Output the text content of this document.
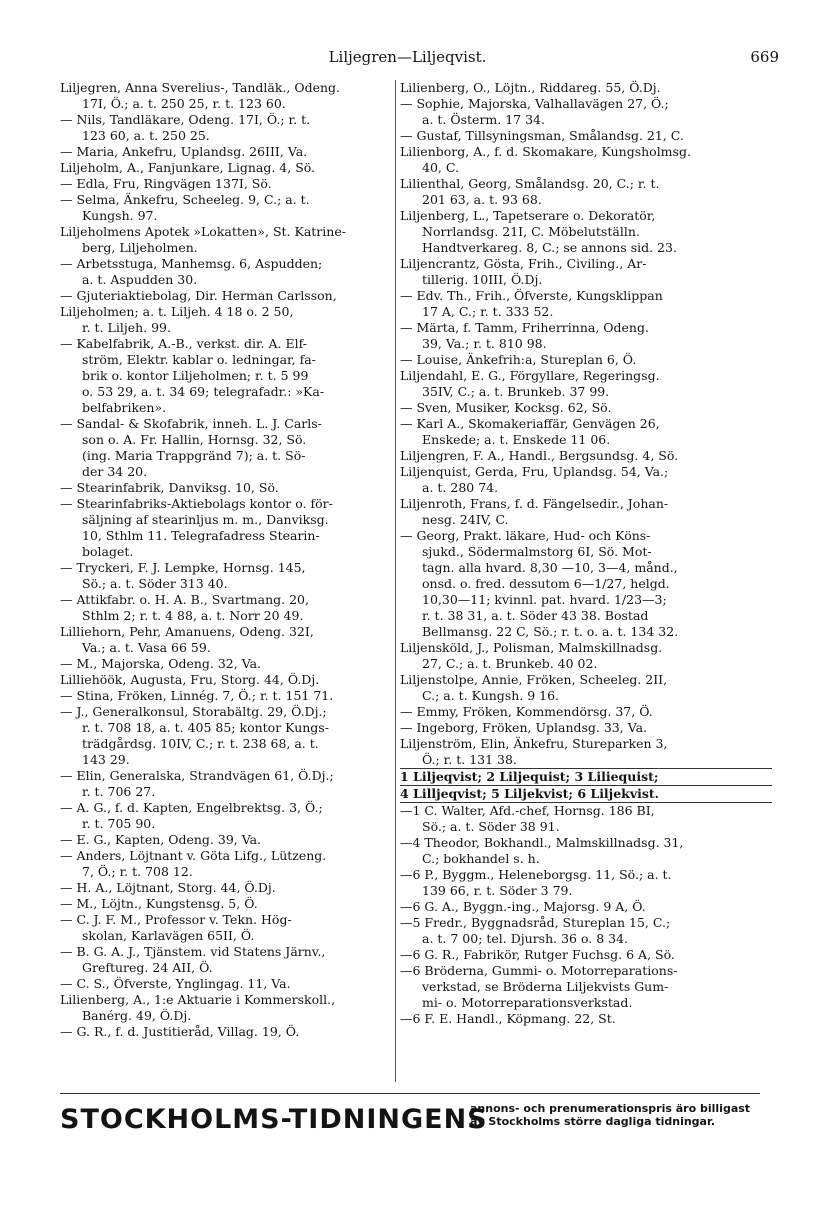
Liljegren—Liljeqvist.	669
Liljegren, Anna Sverelius-, Tandläk., Odeng.
17I, Ö.; a. t. 250 25, r. t. 123 60.
— Nils, Tandläkare, Odeng. 17I, Ö.; r. t.
123 60, a. t. 250 25.
— Maria, Ankefru, Uplandsg. 26III, Va.
Liljeholm, A., Fanjunkare, Lignag. 4, Sö.
— Edla, Fru, Ringvägen 137I, Sö.
— Selma, Änkefru, Scheeleg. 9, C.; a. t.
Kungsh. 97.
Liljeholmens Apotek »Lokatten», St. Katrine-
berg, Liljeholmen.
— Arbetsstuga, Manhemsg. 6, Aspudden;
a. t. Aspudden 30.
— Gjuteriaktiebolag, Dir. Herman Carlsson,
Liljeholmen; a. t. Liljeh. 4 18 o. 2 50,
r. t. Liljeh. 99.
— Kabelfabrik, A.-B., verkst. dir. A. Elf-
ström, Elektr. kablar o. ledningar, fa-
brik o. kontor Liljeholmen; r. t. 5 99
o. 53 29, a. t. 34 69; telegrafadr.: »Ka-
belfabriken».
— Sandal- & Skofabrik, inneh. L. J. Carls-
son o. A. Fr. Hallin, Hornsg. 32, Sö.
(ing. Maria Trappgränd 7); a. t. Sö-
der 34 20.
— Stearinfabrik, Danviksg. 10, Sö.
— Stearinfabriks-Aktiebolags kontor o. för-
säljning af stearinljus m. m., Danviksg.
10, Sthlm 11. Telegrafadress Stearin-
bolaget.
— Tryckeri, F. J. Lempke, Hornsg. 145,
Sö.; a. t. Söder 313 40.
— Attikfabr. o. H. A. B., Svartmang. 20,
Sthlm 2; r. t. 4 88, a. t. Norr 20 49.
Lilliehorn, Pehr, Amanuens, Odeng. 32I,
Va.; a. t. Vasa 66 59.
— M., Majorska, Odeng. 32, Va.
Lilliehöök, Augusta, Fru, Storg. 44, Ö.Dj.
— Stina, Fröken, Linnég. 7, Ö.; r. t. 151 71.
— J., Generalkonsul, Storabältg. 29, Ö.Dj.;
r. t. 708 18, a. t. 405 85; kontor Kungs-
trädgårdsg. 10IV, C.; r. t. 238 68, a. t.
143 29.
— Elin, Generalska, Strandvägen 61, Ö.Dj.;
r. t. 706 27.
— A. G., f. d. Kapten, Engelbrektsg. 3, Ö.;
r. t. 705 90.
— E. G., Kapten, Odeng. 39, Va.
— Anders, Löjtnant v. Göta Lifg., Lützeng.
7, Ö.; r. t. 708 12.
— H. A., Löjtnant, Storg. 44, Ö.Dj.
— M., Löjtn., Kungstensg. 5, Ö.
— C. J. F. M., Professor v. Tekn. Hög-
skolan, Karlavägen 65II, Ö.
— B. G. A. J., Tjänstem. vid Statens Järnv.,
Greftureg. 24 AII, Ö.
— C. S., Öfverste, Ynglingag. 11, Va.
Lilienberg, A., 1:e Aktuarie i Kommerskoll.,
Banérg. 49, Ö.Dj.
— G. R., f. d. Justitieråd, Villag. 19, Ö.
Lilienberg, O., Löjtn., Riddareg. 55, Ö.Dj.
— Sophie, Majorska, Valhallavägen 27, Ö.;
a. t. Österm. 17 34.
— Gustaf, Tillsyningsman, Smålandsg. 21, C.
Lilienborg, A., f. d. Skomakare, Kungsholmsg.
40, C.
Lilienthal, Georg, Smålandsg. 20, C.; r. t.
201 63, a. t. 93 68.
Liljenberg, L., Tapetserare o. Dekoratör,
Norrlandsg. 21I, C. Möbelutställn.
Handtverkareg. 8, C.; se annons sid. 23.
Liljencrantz, Gösta, Frih., Civiling., Ar-
tillerig. 10III, Ö.Dj.
— Edv. Th., Frih., Öfverste, Kungsklippan
17 A, C.; r. t. 333 52.
— Märta, f. Tamm, Friherrinna, Odeng.
39, Va.; r. t. 810 98.
— Louise, Änkefrih:a, Stureplan 6, Ö.
Liljendahl, E. G., Förgyllare, Regeringsg.
35IV, C.; a. t. Brunkeb. 37 99.
— Sven, Musiker, Kocksg. 62, Sö.
— Karl A., Skomakeriaffär, Genvägen 26,
Enskede; a. t. Enskede 11 06.
Liljengren, F. A., Handl., Bergsundsg. 4, Sö.
Liljenquist, Gerda, Fru, Uplandsg. 54, Va.;
a. t. 280 74.
Liljenroth, Frans, f. d. Fängelsedir., Johan-
nesg. 24IV, C.
— Georg, Prakt. läkare, Hud- och Köns-
sjukd., Södermalmstorg 6I, Sö. Mot-
tagn. alla hvard. 8,30 —10, 3—4, månd.,
onsd. o. fred. dessutom 6—1/27, helgd.
10,30—11; kvinnl. pat. hvard. 1/23—3;
r. t. 38 31, a. t. Söder 43 38. Bostad
Bellmansg. 22 C, Sö.; r. t. o. a. t. 134 32.
Liljensköld, J., Polisman, Malmskillnadsg.
27, C.; a. t. Brunkeb. 40 02.
Liljenstolpe, Annie, Fröken, Scheeleg. 2II,
C.; a. t. Kungsh. 9 16.
— Emmy, Fröken, Kommendörsg. 37, Ö.
— Ingeborg, Fröken, Uplandsg. 33, Va.
Liljenström, Elin, Änkefru, Stureparken 3,
Ö.; r. t. 131 38.
1 Liljeqvist; 2 Liljequist; 3 Liliequist;
4 Lilljeqvist; 5 Liljekvist; 6 Liljekvist.
—1 C. Walter, Afd.-chef, Hornsg. 186 BI,
Sö.; a. t. Söder 38 91.
—4 Theodor, Bokhandl., Malmskillnadsg. 31,
C.; bokhandel s. h.
—6 P., Byggm., Heleneborgsg. 11, Sö.; a. t.
139 66, r. t. Söder 3 79.
—6 G. A., Byggn.-ing., Majorsg. 9 A, Ö.
—5 Fredr., Byggnadsråd, Stureplan 15, C.;
a. t. 7 00; tel. Djursh. 36 o. 8 34.
—6 G. R., Fabrikör, Rutger Fuchsg. 6 A, Sö.
—6 Bröderna, Gummi- o. Motorreparations-
verkstad, se Bröderna Liljekvists Gum-
mi- o. Motorreparationsverkstad.
—6 F. E. Handl., Köpmang. 22, St.
STOCKHOLMS-TIDNINGENS
annons- och prenumerationspris äro billigast
av Stockholms större dagliga tidningar.
